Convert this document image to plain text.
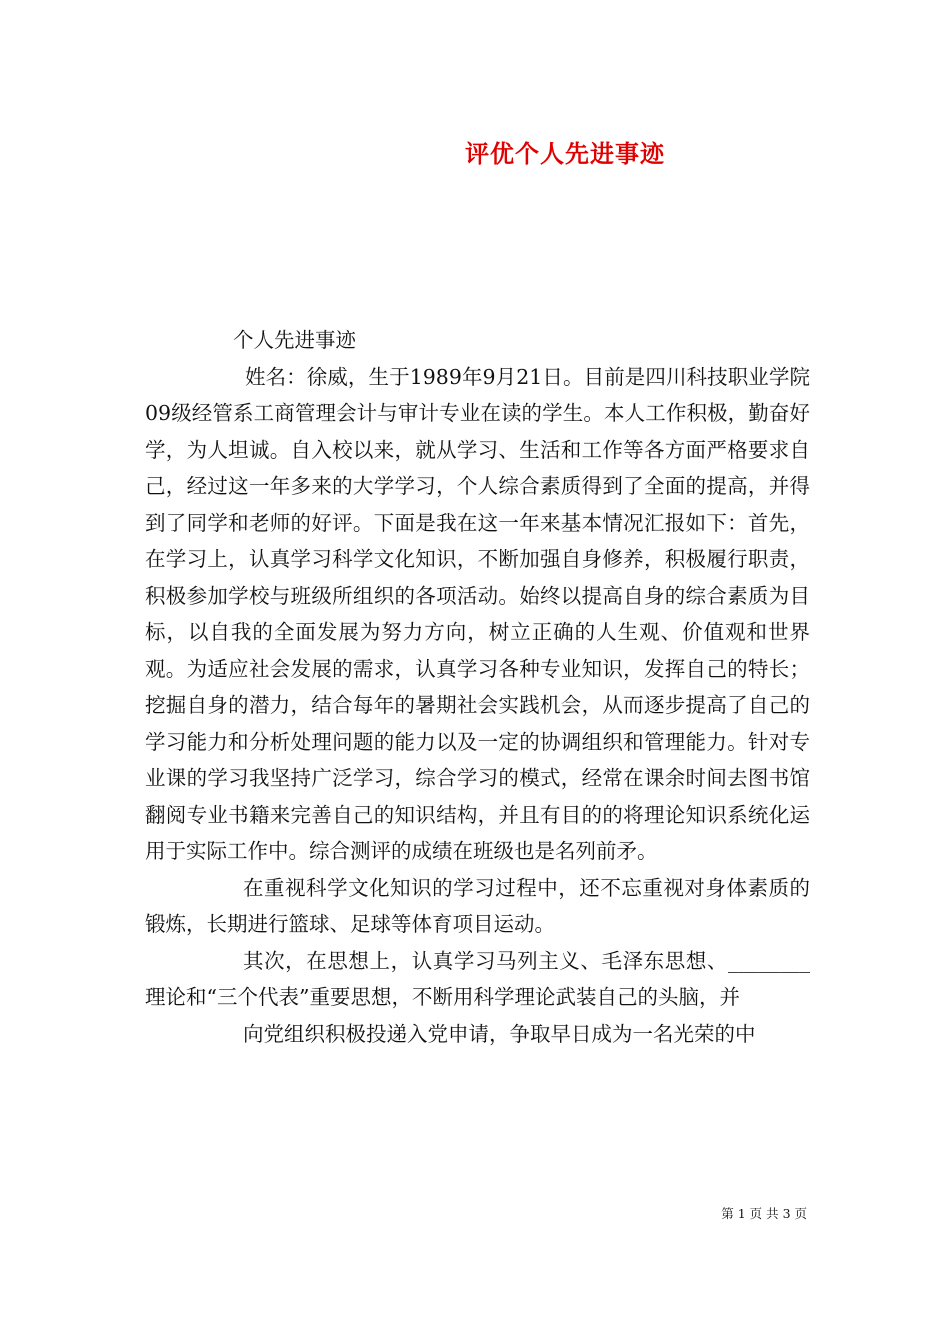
评优个人先进事迹

个人先进事迹

姓名：徐威，生于1989年9月21日。目前是四川科技职业学院09级经管系工商管理会计与审计专业在读的学生。本人工作积极，勤奋好学，为人坦诚。自入校以来，就从学习、生活和工作等各方面严格要求自己，经过这一年多来的大学学习，个人综合素质得到了全面的提高，并得到了同学和老师的好评。下面是我在这一年来基本情况汇报如下：首先，在学习上，认真学习科学文化知识，不断加强自身修养，积极履行职责，积极参加学校与班级所组织的各项活动。始终以提高自身的综合素质为目标，以自我的全面发展为努力方向，树立正确的人生观、价值观和世界观。为适应社会发展的需求，认真学习各种专业知识，发挥自己的特长；挖掘自身的潜力，结合每年的暑期社会实践机会，从而逐步提高了自己的学习能力和分析处理问题的能力以及一定的协调组织和管理能力。针对专业课的学习我坚持广泛学习，综合学习的模式，经常在课余时间去图书馆翻阅专业书籍来完善自己的知识结构，并且有目的的将理论知识系统化运用于实际工作中。综合测评的成绩在班级也是名列前矛。

在重视科学文化知识的学习过程中，还不忘重视对身体素质的锻炼，长期进行篮球、足球等体育项目运动。

其次，在思想上，认真学习马列主义、毛泽东思想、________理论和“三个代表”重要思想，不断用科学理论武装自己的头脑，并

向党组织积极投递入党申请，争取早日成为一名光荣的中

第 1 页 共 3 页
